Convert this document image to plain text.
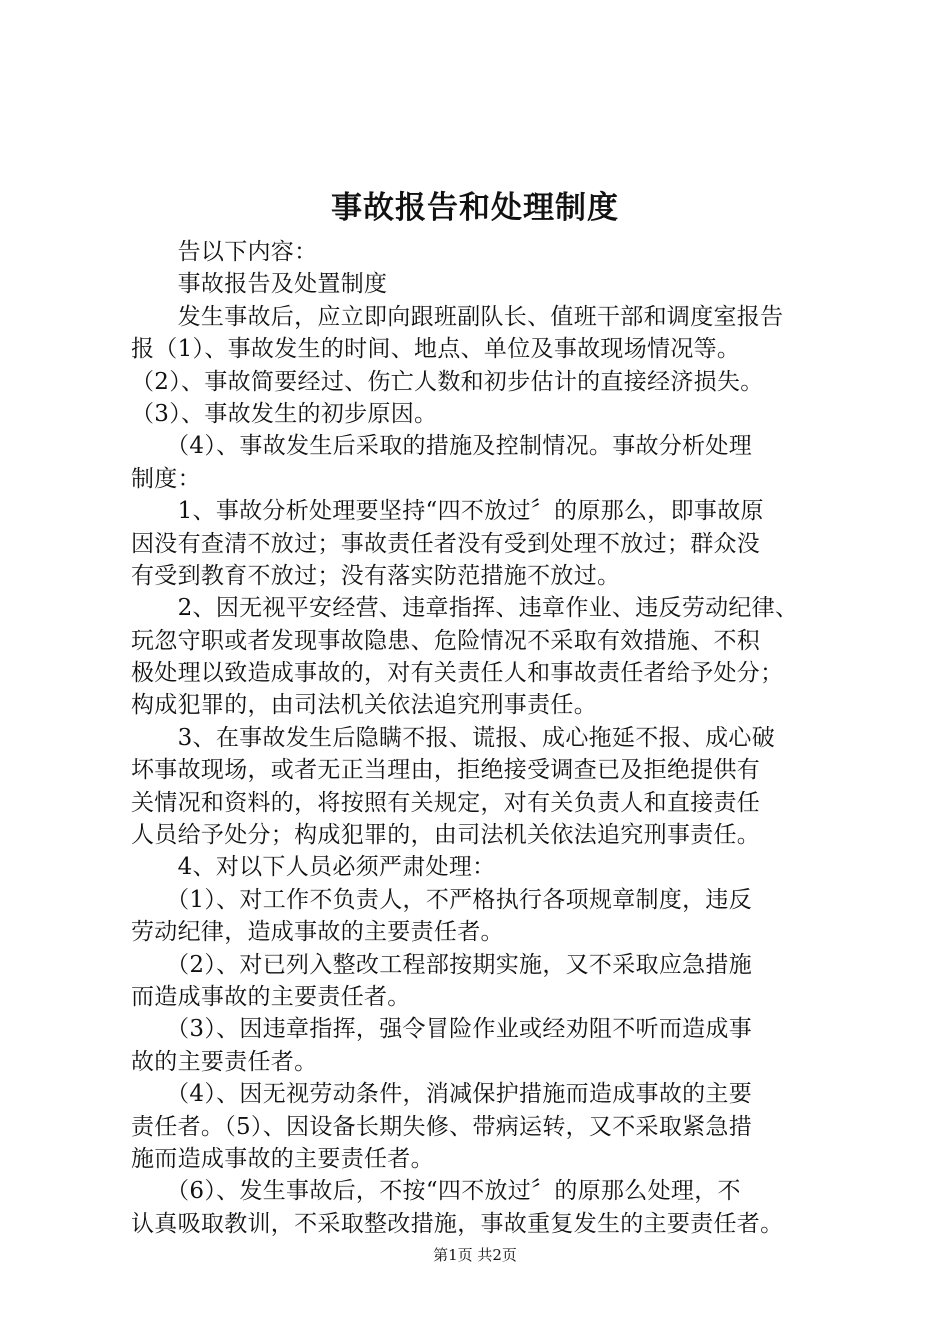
事故报告和处理制度
　　告以下内容：
　　事故报告及处置制度
　　发生事故后，应立即向跟班副队长、值班干部和调度室报告
报（1）、事故发生的时间、地点、单位及事故现场情况等。
（2）、事故简要经过、伤亡人数和初步估计的直接经济损失。
（3）、事故发生的初步原因。
　　（4）、事故发生后采取的措施及控制情况。事故分析处理
制度：
　　1、事故分析处理要坚持“四不放过〞的原那么，即事故原
因没有查清不放过；事故责任者没有受到处理不放过；群众没
有受到教育不放过；没有落实防范措施不放过。
　　2、因无视平安经营、违章指挥、违章作业、违反劳动纪律、
玩忽守职或者发现事故隐患、危险情况不采取有效措施、不积
极处理以致造成事故的，对有关责任人和事故责任者给予处分；
构成犯罪的，由司法机关依法追究刑事责任。
　　3、在事故发生后隐瞒不报、谎报、成心拖延不报、成心破
坏事故现场，或者无正当理由，拒绝接受调查已及拒绝提供有
关情况和资料的，将按照有关规定，对有关负责人和直接责任
人员给予处分；构成犯罪的，由司法机关依法追究刑事责任。
　　4、对以下人员必须严肃处理：
　　（1）、对工作不负责人，不严格执行各项规章制度，违反
劳动纪律，造成事故的主要责任者。
　　（2）、对已列入整改工程部按期实施，又不采取应急措施
而造成事故的主要责任者。
　　（3）、因违章指挥，强令冒险作业或经劝阻不听而造成事
故的主要责任者。
　　（4）、因无视劳动条件，消减保护措施而造成事故的主要
责任者。（5）、因设备长期失修、带病运转，又不采取紧急措
施而造成事故的主要责任者。
　　（6）、发生事故后，不按“四不放过〞的原那么处理，不
认真吸取教训，不采取整改措施，事故重复发生的主要责任者。
第1页 共2页
